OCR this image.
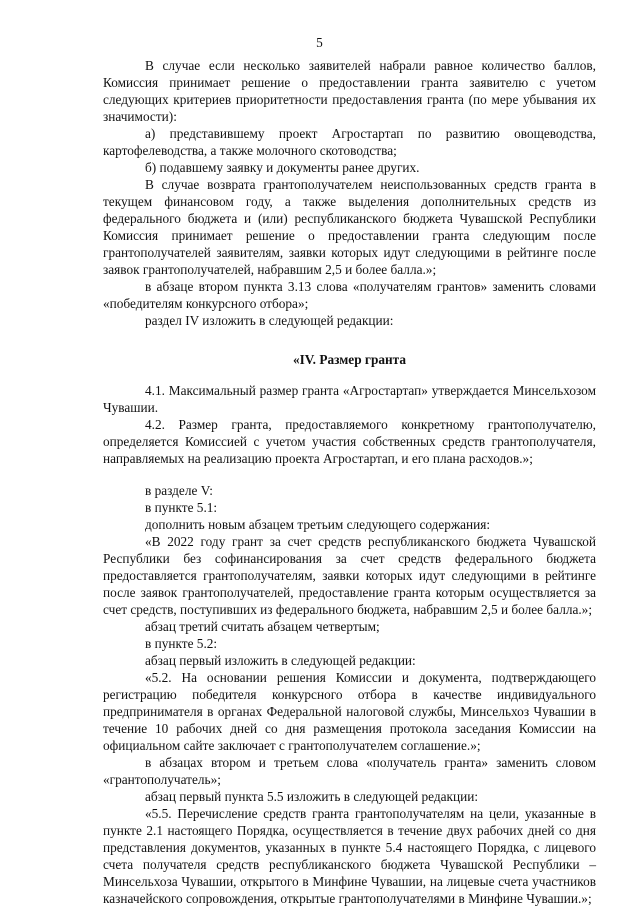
5

В случае если несколько заявителей набрали равное количество баллов, Комиссия принимает решение о предоставлении гранта заявителю с учетом следующих критериев приоритетности предоставления гранта (по мере убывания их значимости):

а) представившему проект Агростартап по развитию овощеводства, картофелеводства, а также молочного скотоводства;

б) подавшему заявку и документы ранее других.

В случае возврата грантополучателем неиспользованных средств гранта в текущем финансовом году, а также выделения дополнительных средств из федерального бюджета и (или) республиканского бюджета Чувашской Республики Комиссия принимает решение о предоставлении гранта следующим после грантополучателей заявителям, заявки которых идут следующими в рейтинге после заявок грантополучателей, набравшим 2,5 и более балла.»;

в абзаце втором пункта 3.13 слова «получателям грантов» заменить словами «победителям конкурсного отбора»;

раздел IV изложить в следующей редакции:

«IV. Размер гранта

4.1. Максимальный размер гранта «Агростартап» утверждается Минсельхозом Чувашии.

4.2. Размер гранта, предоставляемого конкретному грантополучателю, определяется Комиссией с учетом участия собственных средств грантополучателя, направляемых на реализацию проекта Агростартап, и его плана расходов.»;

в разделе V:

в пункте 5.1:

дополнить новым абзацем третьим следующего содержания:

«В 2022 году грант за счет средств республиканского бюджета Чувашской Республики без софинансирования за счет средств федерального бюджета предоставляется грантополучателям, заявки которых идут следующими в рейтинге после заявок грантополучателей, предоставление гранта которым осуществляется за счет средств, поступивших из федерального бюджета, набравшим 2,5 и более балла.»;

абзац третий считать абзацем четвертым;

в пункте 5.2:

абзац первый изложить в следующей редакции:

«5.2. На основании решения Комиссии и документа, подтверждающего регистрацию победителя конкурсного отбора в качестве индивидуального предпринимателя в органах Федеральной налоговой службы, Минсельхоз Чувашии в течение 10 рабочих дней со дня размещения протокола заседания Комиссии на официальном сайте заключает с грантополучателем соглашение.»;

в абзацах втором и третьем слова «получатель гранта» заменить словом «грантополучатель»;

абзац первый пункта 5.5 изложить в следующей редакции:

«5.5. Перечисление средств гранта грантополучателям на цели, указанные в пункте 2.1 настоящего Порядка, осуществляется в течение двух рабочих дней со дня представления документов, указанных в пункте 5.4 настоящего Порядка, с лицевого счета получателя средств республиканского бюджета Чувашской Республики – Минсельхоза Чувашии, открытого в Минфине Чувашии, на лицевые счета участников казначейского сопровождения, открытые грантополучателями в Минфине Чувашии.»;
